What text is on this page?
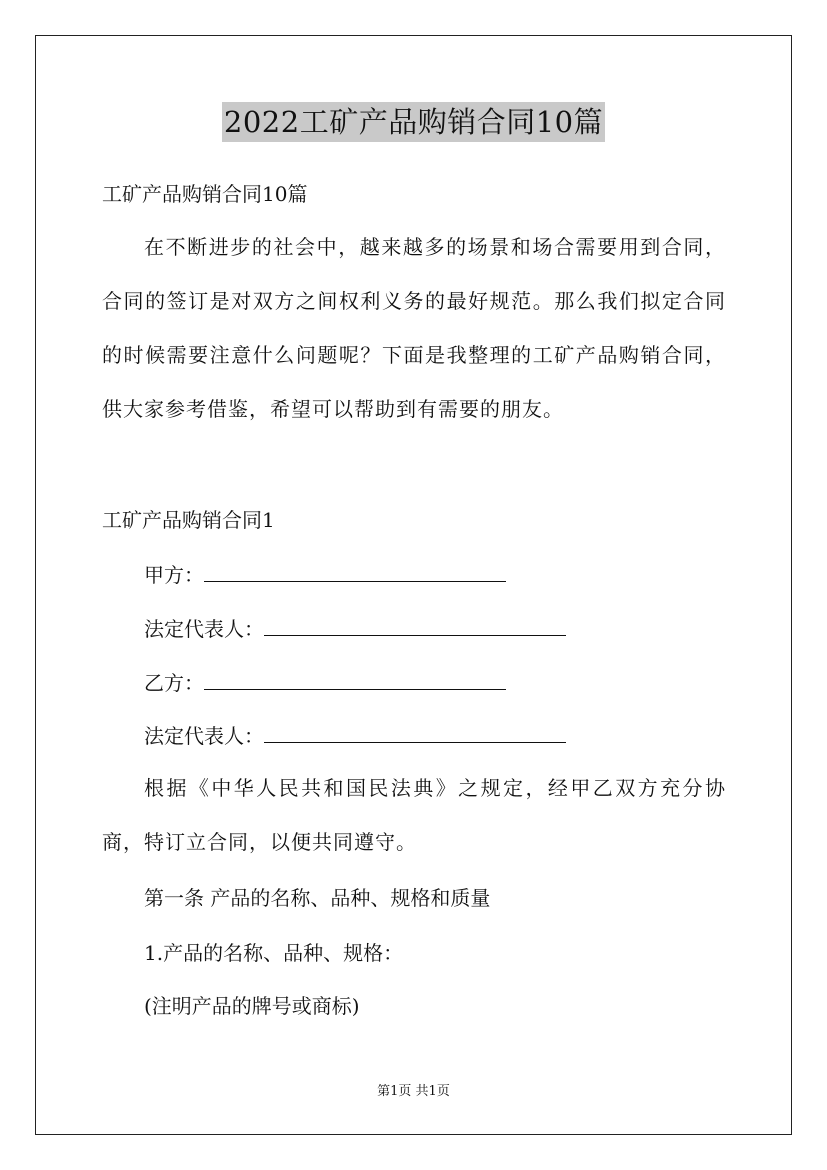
2022工矿产品购销合同10篇
工矿产品购销合同10篇

在不断进步的社会中，越来越多的场景和场合需要用到合同，合同的签订是对双方之间权利义务的最好规范。那么我们拟定合同的时候需要注意什么问题呢？下面是我整理的工矿产品购销合同，供大家参考借鉴，希望可以帮助到有需要的朋友。

工矿产品购销合同1
甲方：
法定代表人：
乙方：
法定代表人：

根据《中华人民共和国民法典》之规定，经甲乙双方充分协商，特订立合同，以便共同遵守。

第一条 产品的名称、品种、规格和质量
1.产品的名称、品种、规格：
(注明产品的牌号或商标)
第1页 共1页
